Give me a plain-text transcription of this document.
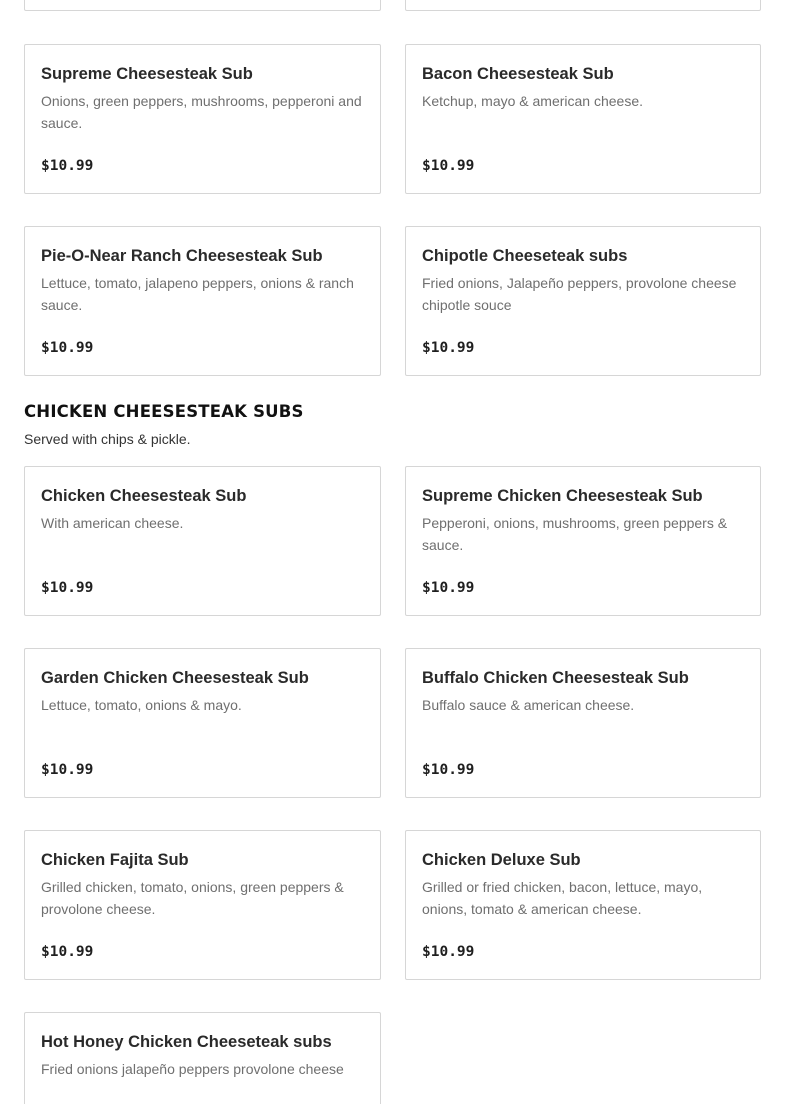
Supreme Cheesesteak Sub
Onions, green peppers, mushrooms, pepperoni and sauce.
$10.99
Bacon Cheesesteak Sub
Ketchup, mayo & american cheese.
$10.99
Pie-O-Near Ranch Cheesesteak Sub
Lettuce, tomato, jalapeno peppers, onions & ranch sauce.
$10.99
Chipotle Cheeseteak subs
Fried onions, Jalapeño peppers, provolone cheese chipotle souce
$10.99
CHICKEN CHEESESTEAK SUBS
Served with chips & pickle.
Chicken Cheesesteak Sub
With american cheese.
$10.99
Supreme Chicken Cheesesteak Sub
Pepperoni, onions, mushrooms, green peppers & sauce.
$10.99
Garden Chicken Cheesesteak Sub
Lettuce, tomato, onions & mayo.
$10.99
Buffalo Chicken Cheesesteak Sub
Buffalo sauce & american cheese.
$10.99
Chicken Fajita Sub
Grilled chicken, tomato, onions, green peppers & provolone cheese.
$10.99
Chicken Deluxe Sub
Grilled or fried chicken, bacon, lettuce, mayo, onions, tomato & american cheese.
$10.99
Hot Honey Chicken Cheeseteak subs
Fried onions jalapeño peppers provolone cheese
